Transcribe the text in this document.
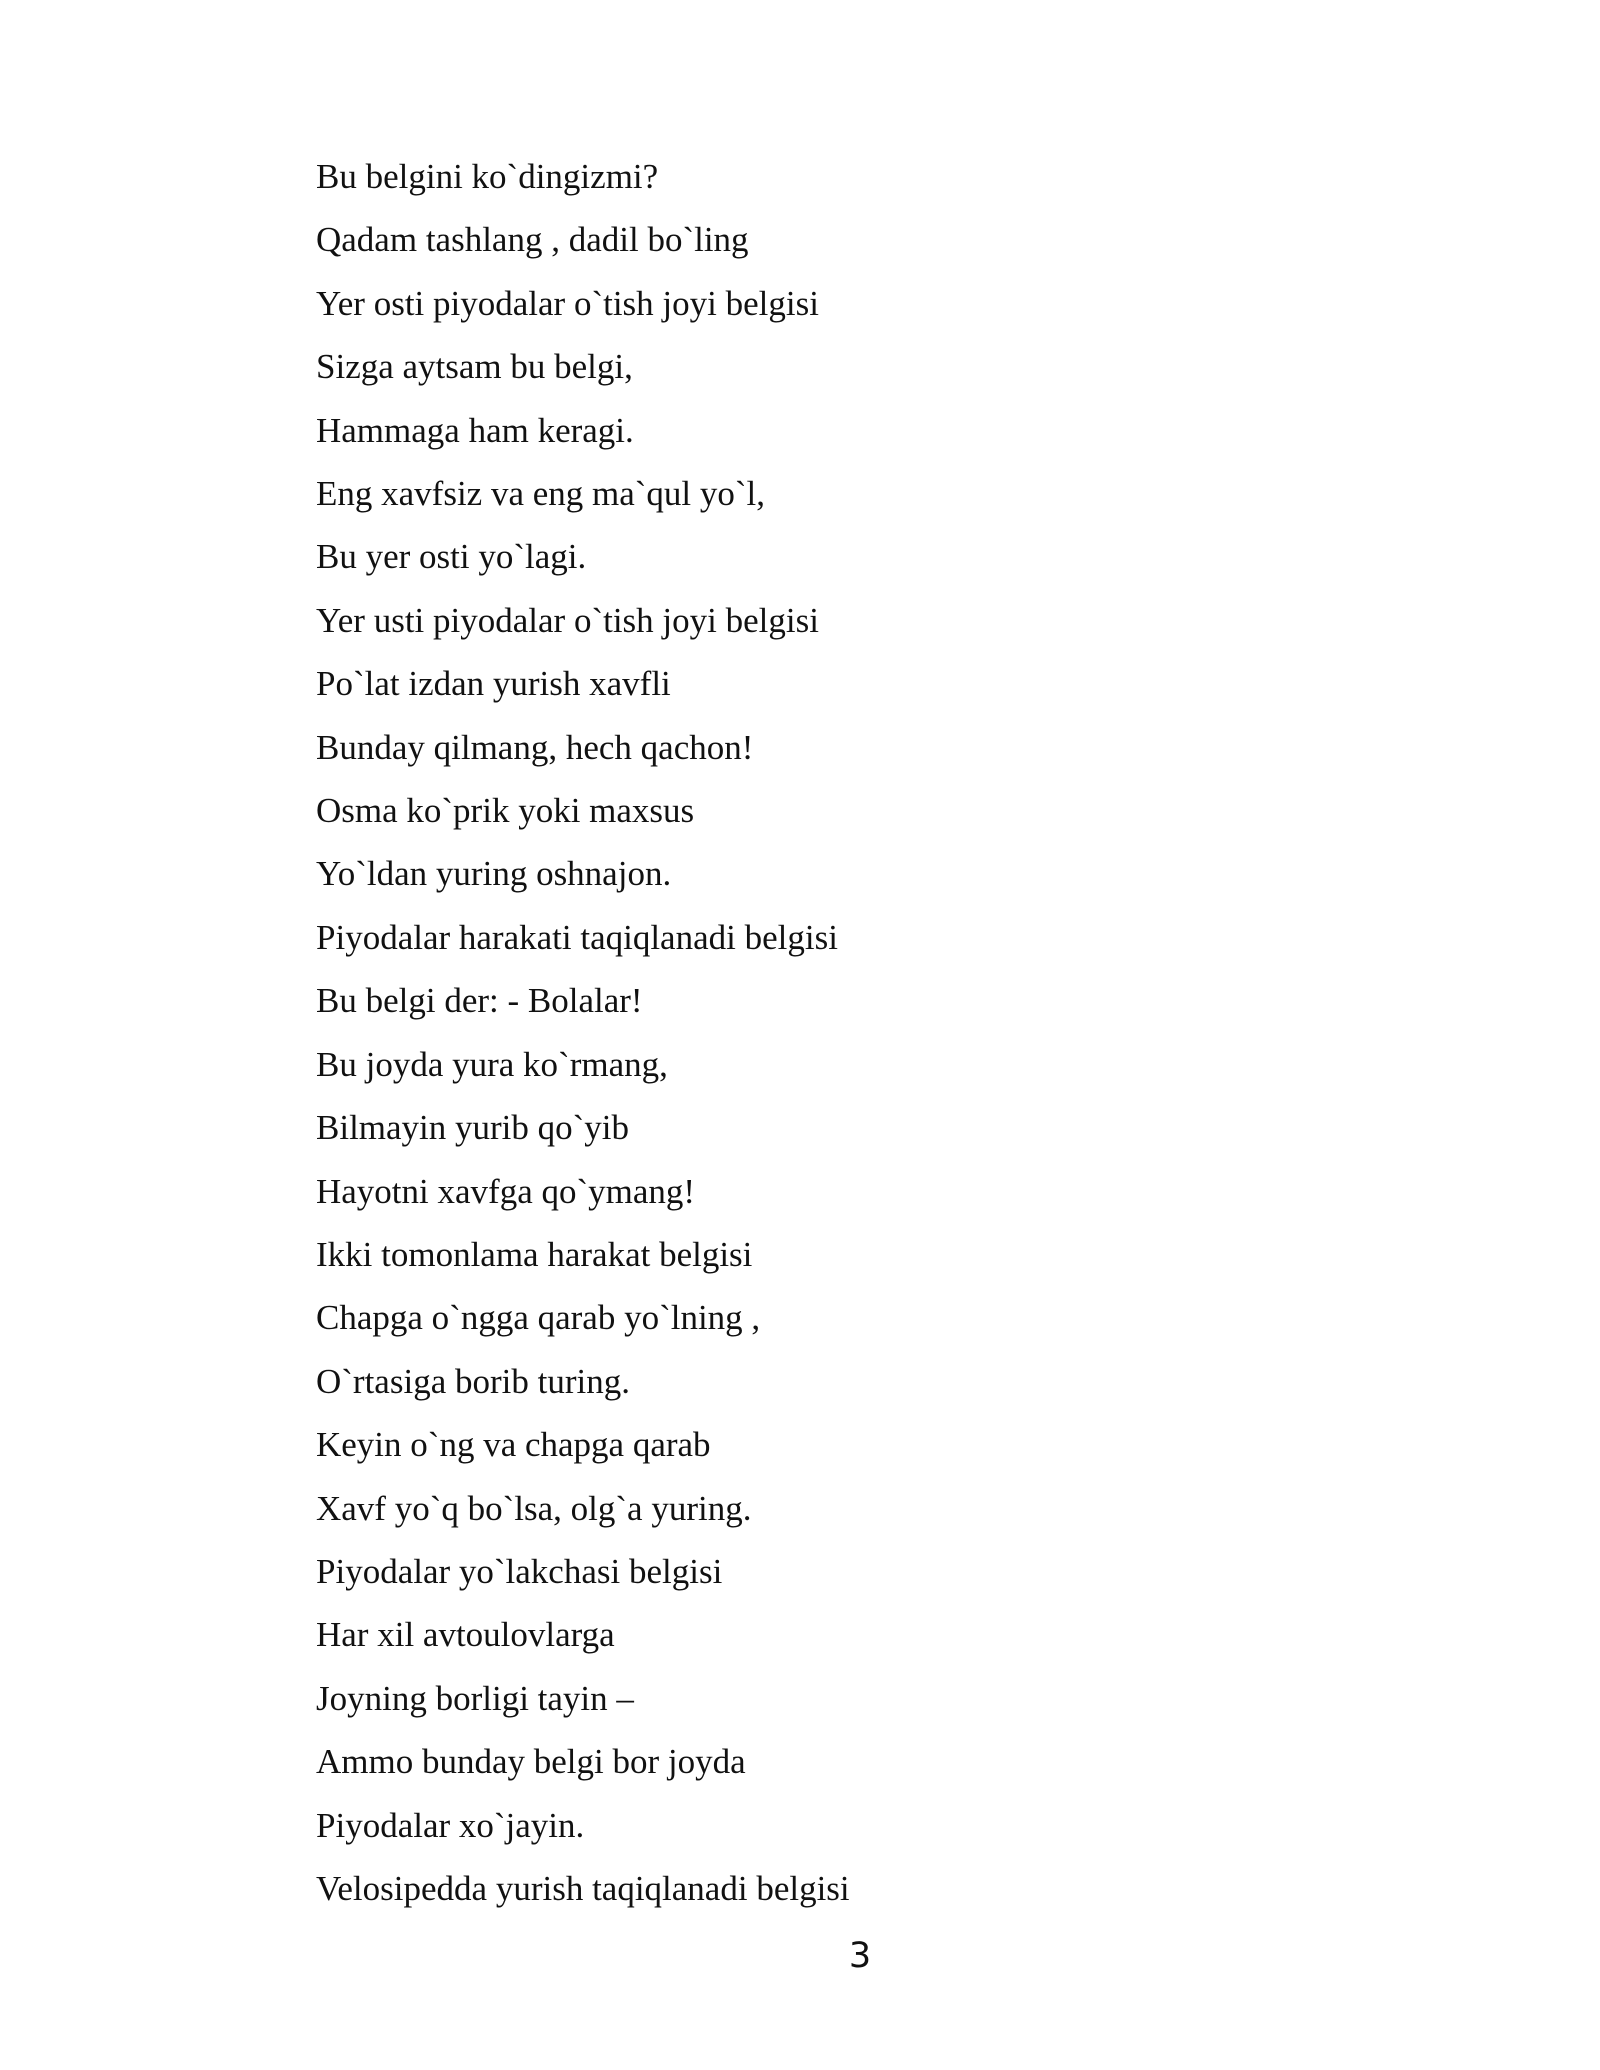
Bu belgini ko`dingizmi?

Qadam tashlang , dadil bo`ling

Yer osti piyodalar o`tish joyi belgisi

Sizga aytsam bu belgi,

Hammaga ham keragi.

Eng xavfsiz va eng ma`qul yo`l,

Bu yer osti yo`lagi.

Yer usti piyodalar o`tish joyi belgisi

Po`lat izdan yurish xavfli

Bunday qilmang, hech qachon!

Osma ko`prik yoki maxsus

Yo`ldan yuring oshnajon.

Piyodalar harakati taqiqlanadi belgisi

Bu belgi der: - Bolalar!

Bu joyda yura ko`rmang,

Bilmayin yurib qo`yib

Hayotni xavfga qo`ymang!

Ikki tomonlama harakat belgisi

Chapga o`ngga qarab yo`lning ,

O`rtasiga borib turing.

Keyin o`ng va chapga qarab

Xavf yo`q bo`lsa, olg`a yuring.

Piyodalar yo`lakchasi belgisi

Har xil avtoulovlarga

Joyning borligi tayin –

Ammo bunday belgi bor joyda

Piyodalar xo`jayin.

Velosipedda yurish taqiqlanadi belgisi

3
